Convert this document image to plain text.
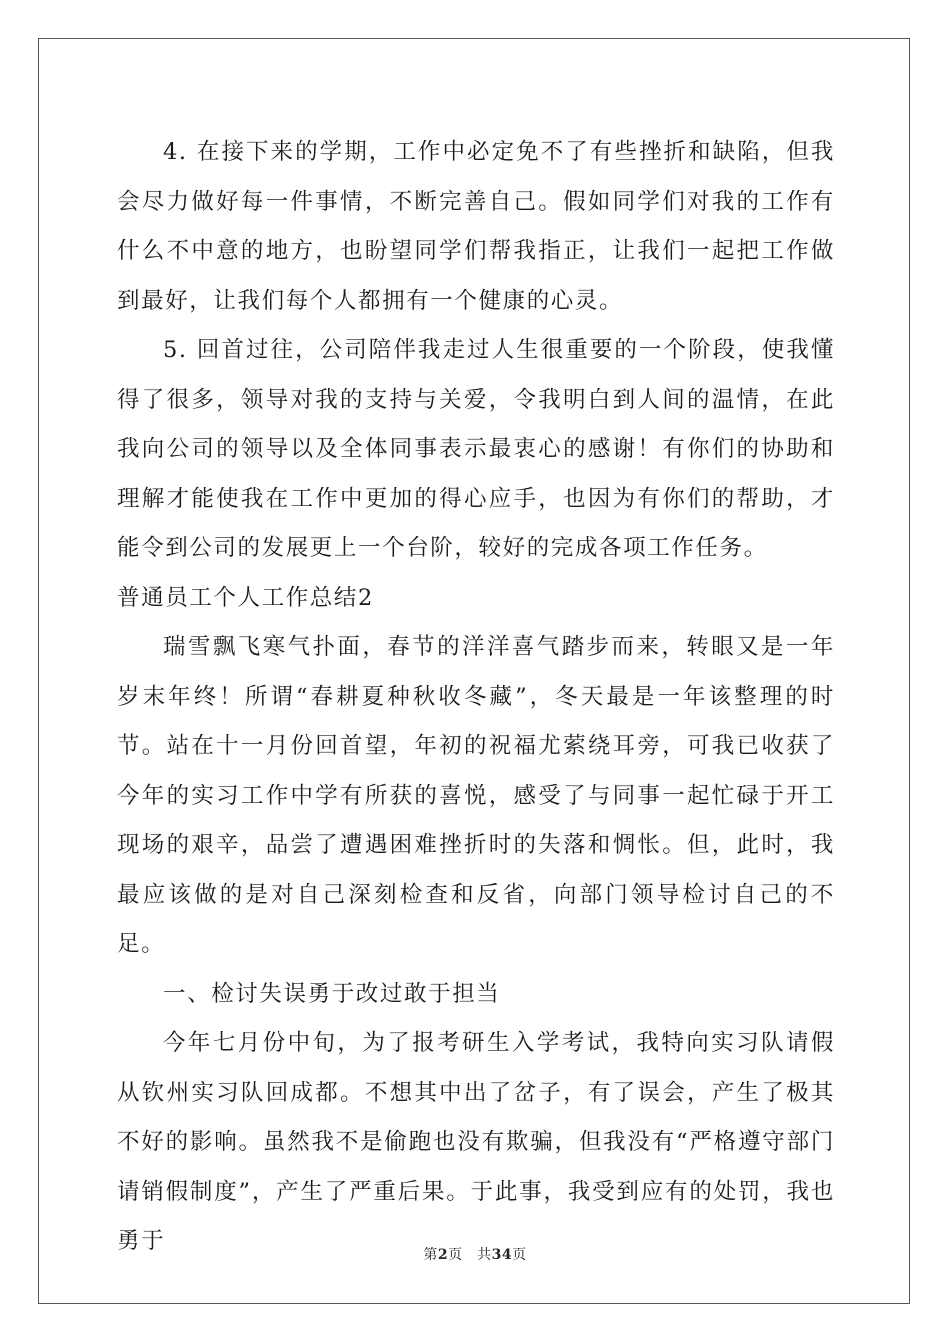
4. 在接下来的学期，工作中必定免不了有些挫折和缺陷，但我会尽力做好每一件事情，不断完善自己。假如同学们对我的工作有什么不中意的地方，也盼望同学们帮我指正，让我们一起把工作做到最好，让我们每个人都拥有一个健康的心灵。

5. 回首过往，公司陪伴我走过人生很重要的一个阶段，使我懂得了很多，领导对我的支持与关爱，令我明白到人间的温情，在此我向公司的领导以及全体同事表示最衷心的感谢！有你们的协助和理解才能使我在工作中更加的得心应手，也因为有你们的帮助，才能令到公司的发展更上一个台阶，较好的完成各项工作任务。

普通员工个人工作总结2

瑞雪飘飞寒气扑面，春节的洋洋喜气踏步而来，转眼又是一年岁末年终！所谓“春耕夏种秋收冬藏”，冬天最是一年该整理的时节。站在十一月份回首望，年初的祝福尤萦绕耳旁，可我已收获了今年的实习工作中学有所获的喜悦，感受了与同事一起忙碌于开工现场的艰辛，品尝了遭遇困难挫折时的失落和惆怅。但，此时，我最应该做的是对自己深刻检查和反省，向部门领导检讨自己的不足。

一、检讨失误勇于改过敢于担当

今年七月份中旬，为了报考研生入学考试，我特向实习队请假从钦州实习队回成都。不想其中出了岔子，有了误会，产生了极其不好的影响。虽然我不是偷跑也没有欺骗，但我没有“严格遵守部门请销假制度”，产生了严重后果。于此事，我受到应有的处罚，我也勇于

第2页　共34页
